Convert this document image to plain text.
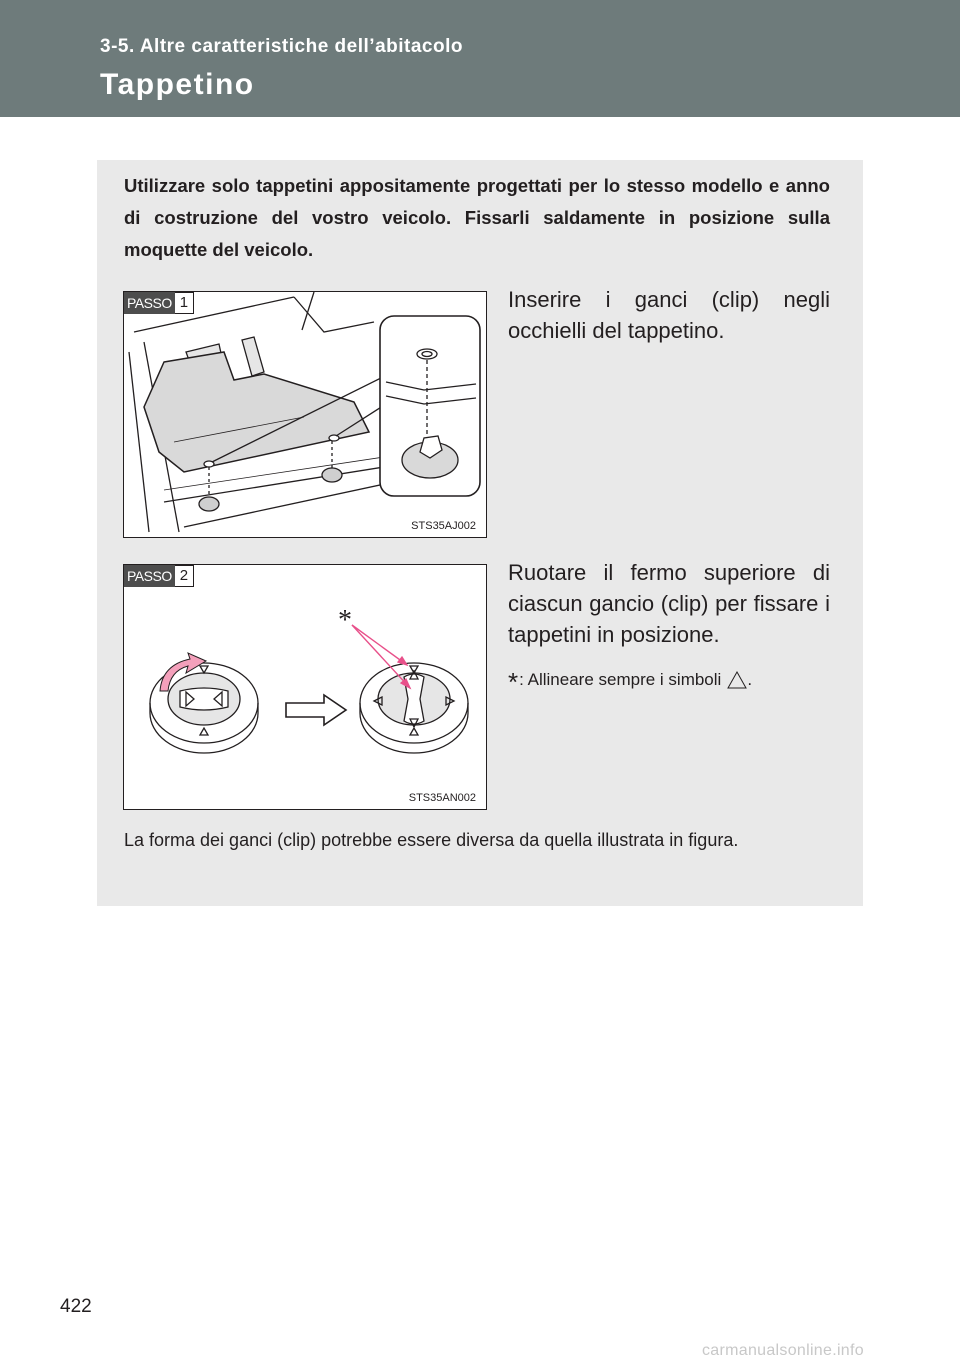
3-5. Altre caratteristiche dell’abitacolo
Tappetino
Utilizzare solo tappetini appositamente progettati per lo stesso modello e anno di costruzione del vostro veicolo. Fissarli saldamente in posizione sulla moquette del veicolo.
PASSO 1
STS35AJ002
Inserire i ganci (clip) negli occhielli del tappetino.
PASSO 2
*
STS35AN002
Ruotare il fermo superiore di ciascun gancio (clip) per fissare i tappetini in posizione.
* : Allineare sempre i simboli .
La forma dei ganci (clip) potrebbe essere diversa da quella illustrata in figura.
422
carmanualsonline.info
